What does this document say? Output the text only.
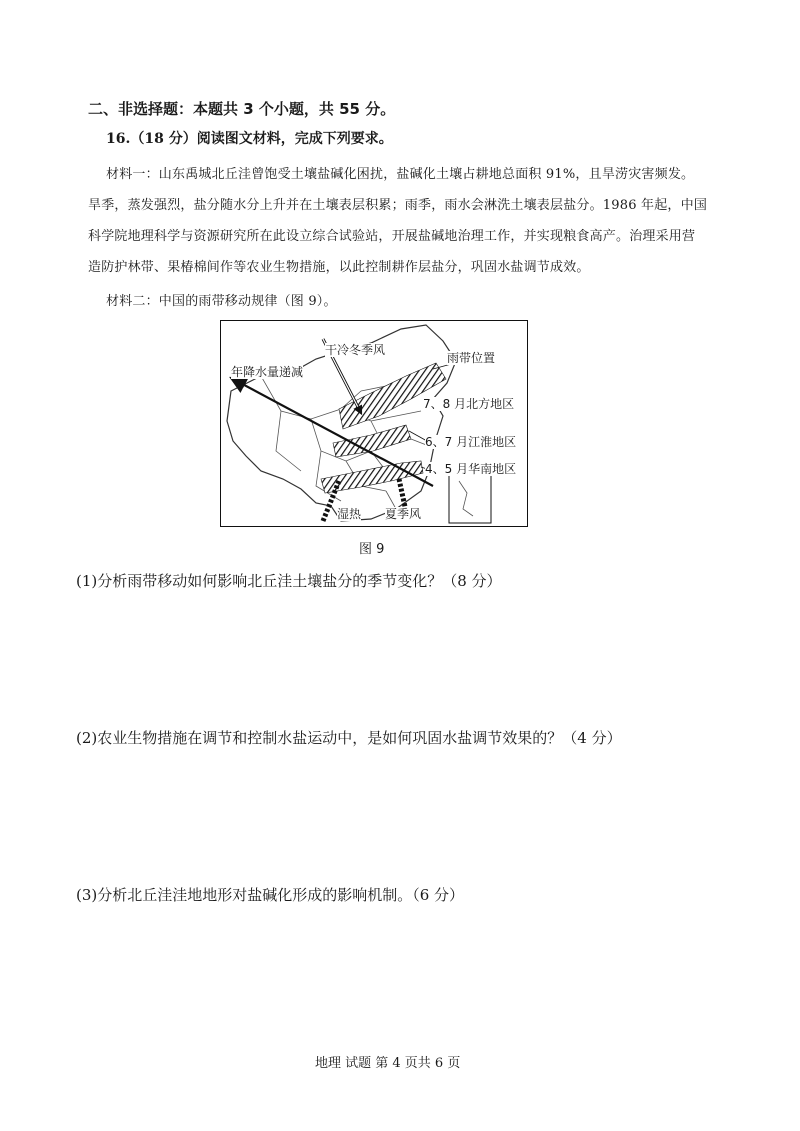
二、非选择题：本题共 3 个小题，共 55 分。
16.（18 分）阅读图文材料，完成下列要求。
材料一：山东禹城北丘洼曾饱受土壤盐碱化困扰，盐碱化土壤占耕地总面积 91%，且旱涝灾害频发。
旱季，蒸发强烈，盐分随水分上升并在土壤表层积累；雨季，雨水会淋洗土壤表层盐分。1986 年起，中国
科学院地理科学与资源研究所在此设立综合试验站，开展盐碱地治理工作，并实现粮食高产。治理采用营
造防护林带、果椿棉间作等农业生物措施，以此控制耕作层盐分，巩固水盐调节成效。
材料二：中国的雨带移动规律（图 9）。
干冷冬季风
年降水量递减
雨带位置
7、8 月北方地区
6、7 月江淮地区
4、5 月华南地区
湿热 夏季风
图 9
(1)分析雨带移动如何影响北丘洼土壤盐分的季节变化？（8 分）
(2)农业生物措施在调节和控制水盐运动中，是如何巩固水盐调节效果的？（4 分）
(3)分析北丘洼洼地地形对盐碱化形成的影响机制。（6 分）
地理 试题 第 4 页共 6 页
